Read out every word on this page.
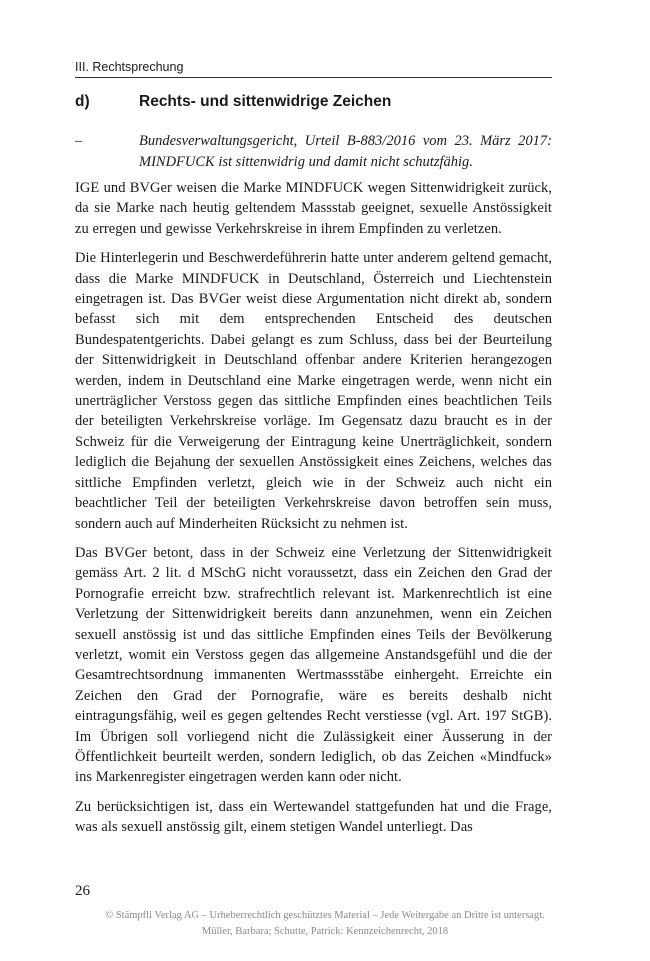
III. Rechtsprechung
d)	Rechts- und sittenwidrige Zeichen
–	Bundesverwaltungsgericht, Urteil B-883/2016 vom 23. März 2017: MINDFUCK ist sittenwidrig und damit nicht schutzfähig.

IGE und BVGer weisen die Marke MINDFUCK wegen Sittenwidrigkeit zurück, da sie Marke nach heutig geltendem Massstab geeignet, sexuelle Anstössigkeit zu erregen und gewisse Verkehrskreise in ihrem Empfinden zu verletzen.

Die Hinterlegerin und Beschwerdeführerin hatte unter anderem geltend gemacht, dass die Marke MINDFUCK in Deutschland, Österreich und Liechtenstein eingetragen ist. Das BVGer weist diese Argumentation nicht direkt ab, sondern befasst sich mit dem entsprechenden Entscheid des deutschen Bundespatentgerichts. Dabei gelangt es zum Schluss, dass bei der Beurteilung der Sittenwidrigkeit in Deutschland offenbar andere Kriterien herangezogen werden, indem in Deutschland eine Marke eingetragen werde, wenn nicht ein unerträglicher Verstoss gegen das sittliche Empfinden eines beachtlichen Teils der beteiligten Verkehrskreise vorläge. Im Gegensatz dazu braucht es in der Schweiz für die Verweigerung der Eintragung keine Unerträglichkeit, sondern lediglich die Bejahung der sexuellen Anstössigkeit eines Zeichens, welches das sittliche Empfinden verletzt, gleich wie in der Schweiz auch nicht ein beachtlicher Teil der beteiligten Verkehrskreise davon betroffen sein muss, sondern auch auf Minderheiten Rücksicht zu nehmen ist.

Das BVGer betont, dass in der Schweiz eine Verletzung der Sittenwidrigkeit gemäss Art. 2 lit. d MSchG nicht voraussetzt, dass ein Zeichen den Grad der Pornografie erreicht bzw. strafrechtlich relevant ist. Markenrechtlich ist eine Verletzung der Sittenwidrigkeit bereits dann anzunehmen, wenn ein Zeichen sexuell anstössig ist und das sittliche Empfinden eines Teils der Bevölkerung verletzt, womit ein Verstoss gegen das allgemeine Anstandsgefühl und die der Gesamtrechtsordnung immanenten Wertmassstäbe einhergeht. Erreichte ein Zeichen den Grad der Pornografie, wäre es bereits deshalb nicht eintragungsfähig, weil es gegen geltendes Recht verstiesse (vgl. Art. 197 StGB). Im Übrigen soll vorliegend nicht die Zulässigkeit einer Äusserung in der Öffentlichkeit beurteilt werden, sondern lediglich, ob das Zeichen «Mindfuck» ins Markenregister eingetragen werden kann oder nicht.

Zu berücksichtigen ist, dass ein Wertewandel stattgefunden hat und die Frage, was als sexuell anstössig gilt, einem stetigen Wandel unterliegt. Das

26
© Stämpfli Verlag AG – Urheberrechtlich geschütztes Material – Jede Weitergabe an Dritte ist untersagt.
Müller, Barbara; Schutte, Patrick: Kennzeichenrecht, 2018
